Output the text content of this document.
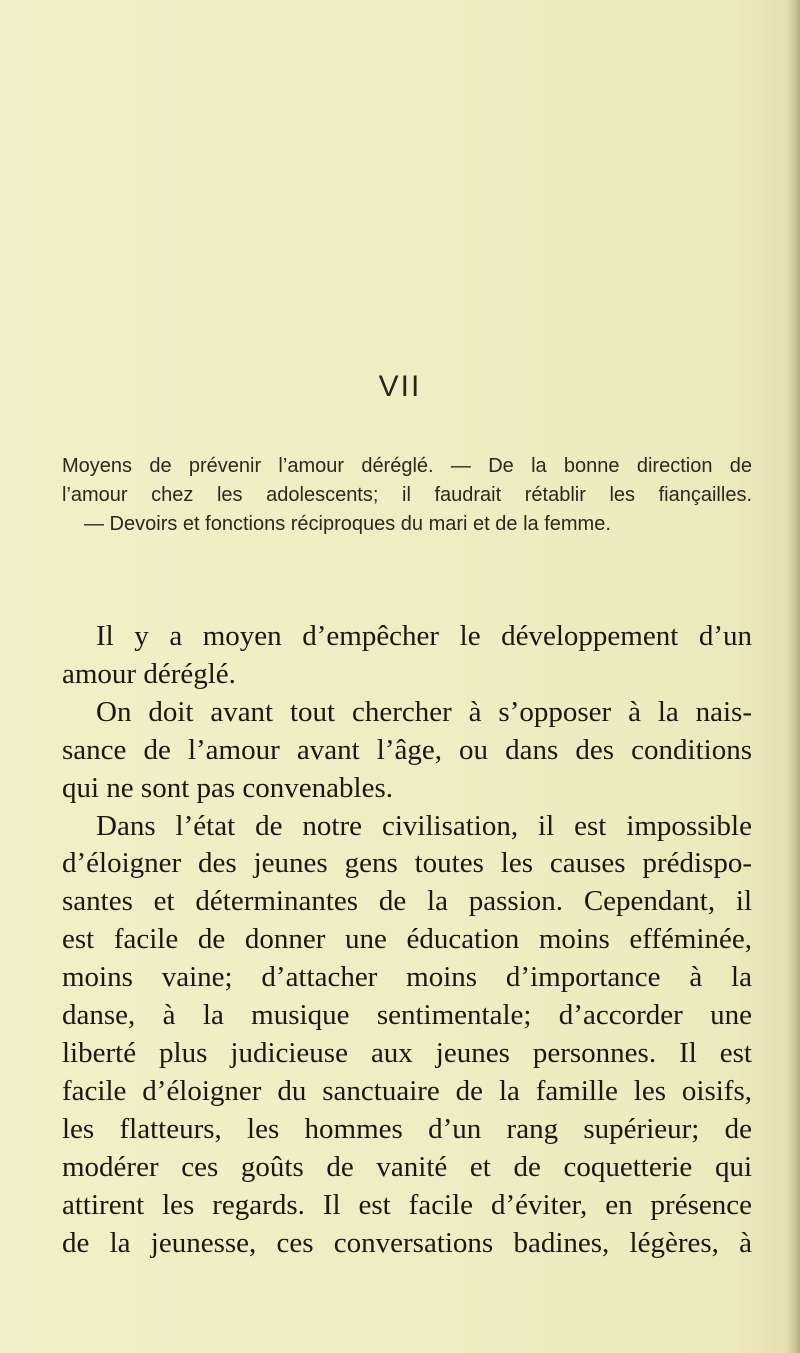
VII
Moyens de prévenir l’amour déréglé. — De la bonne direction de
l’amour chez les adolescents; il faudrait rétablir les fiançailles.
— Devoirs et fonctions réciproques du mari et de la femme.
Il y a moyen d’empêcher le développement d’un
amour déréglé.
On doit avant tout chercher à s’opposer à la nais-
sance de l’amour avant l’âge, ou dans des conditions
qui ne sont pas convenables.
Dans l’état de notre civilisation, il est impossible
d’éloigner des jeunes gens toutes les causes prédispo-
santes et déterminantes de la passion. Cependant, il
est facile de donner une éducation moins efféminée,
moins vaine; d’attacher moins d’importance à la
danse, à la musique sentimentale; d’accorder une
liberté plus judicieuse aux jeunes personnes. Il est
facile d’éloigner du sanctuaire de la famille les oisifs,
les flatteurs, les hommes d’un rang supérieur; de
modérer ces goûts de vanité et de coquetterie qui
attirent les regards. Il est facile d’éviter, en présence
de la jeunesse, ces conversations badines, légères, à
